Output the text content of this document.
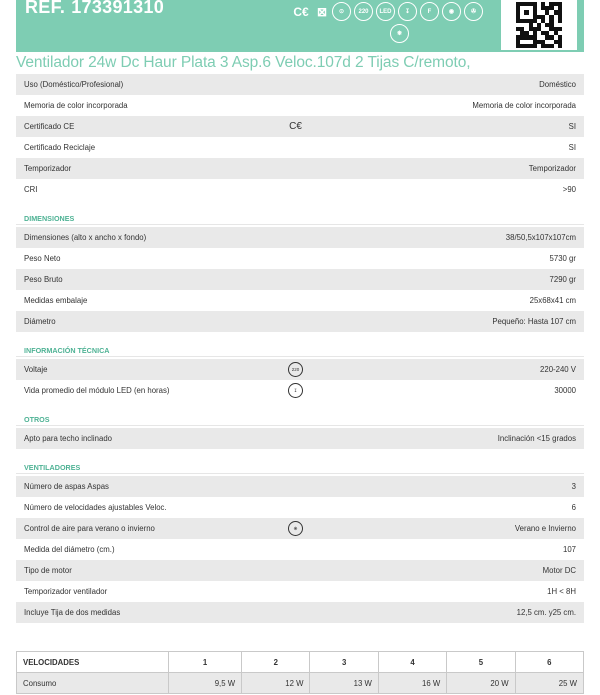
REF. 173391310	C€ ⊠	⊙	220	LED	↧	F	◉	✇
❋
Ventilador 24w Dc Haur Plata 3 Asp.6 Veloc.107d 2 Tijas C/remoto,
Uso (Doméstico/Profesional)	Doméstico
Memoria de color incorporada	Memoria de color incorporada
Certificado CE	C€	SI
Certificado Reciclaje	SI
Temporizador	Temporizador
CRI	>90
DIMENSIONES
Dimensiones (alto x ancho x fondo)	38/50,5x107x107cm
Peso Neto	5730 gr
Peso Bruto	7290 gr
Medidas embalaje	25x68x41 cm
Diámetro	Pequeño: Hasta 107 cm
INFORMACIÓN TÉCNICA
Voltaje	220	220-240 V
Vida promedio del módulo LED (en horas)	↧	30000
OTROS
Apto para techo inclinado	Inclinación <15 grados
VENTILADORES
Número de aspas Aspas	3
Número de velocidades ajustables Veloc.	6
Control de aire para verano o invierno	❋	Verano e Invierno
Medida del diámetro (cm.)	107
Tipo de motor	Motor DC
Temporizador ventilador	1H < 8H
Incluye Tija de dos medidas	12,5 cm. y25 cm.
VELOCIDADES	1	2	3	4	5	6
Consumo	9,5 W	12 W	13 W	16 W	20 W	25 W
